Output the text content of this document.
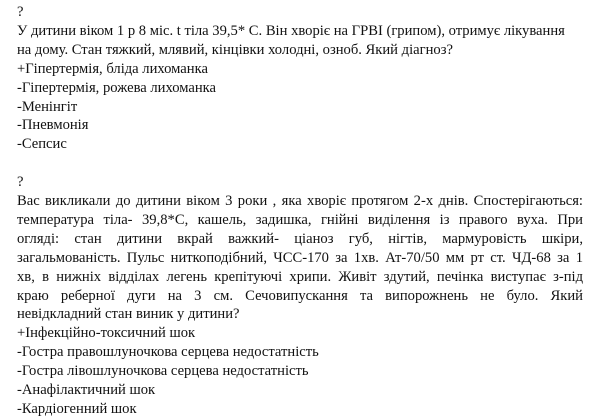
?

У дитини віком 1 р 8 міс. t тіла 39,5* С. Він хворіє на ГРВІ (грипом), отримує лікування

на дому. Стан тяжкий, млявий, кінцівки холодні, озноб. Який діагноз?

+Гіпертермія, бліда лихоманка

-Гіпертермія, рожева лихоманка

-Менінгіт

-Пневмонія

-Сепсис

?

Вас викликали до дитини віком 3 роки , яка хворіє протягом 2-х днів. Спостерігаються:

температура тіла- 39,8*С, кашель, задишка, гнійні виділення із правого вуха. При

огляді: стан дитини вкрай важкий- ціаноз губ, нігтів, мармуровість шкіри,

загальмованість. Пульс ниткоподібний, ЧСС-170 за 1хв. Ат-70/50 мм рт ст. ЧД-68 за 1

хв, в нижніх відділах легень крепітуючі хрипи. Живіт здутий, печінка виступає з-під

краю реберної дуги на 3 см. Сечовипускання та випорожнень не було. Який

невідкладний стан виник у дитини?

+Інфекційно-токсичний шок

-Гостра правошлуночкова серцева недостатність

-Гостра лівошлуночкова серцева недостатність

-Анафілактичний шок

-Кардіогенний шок
